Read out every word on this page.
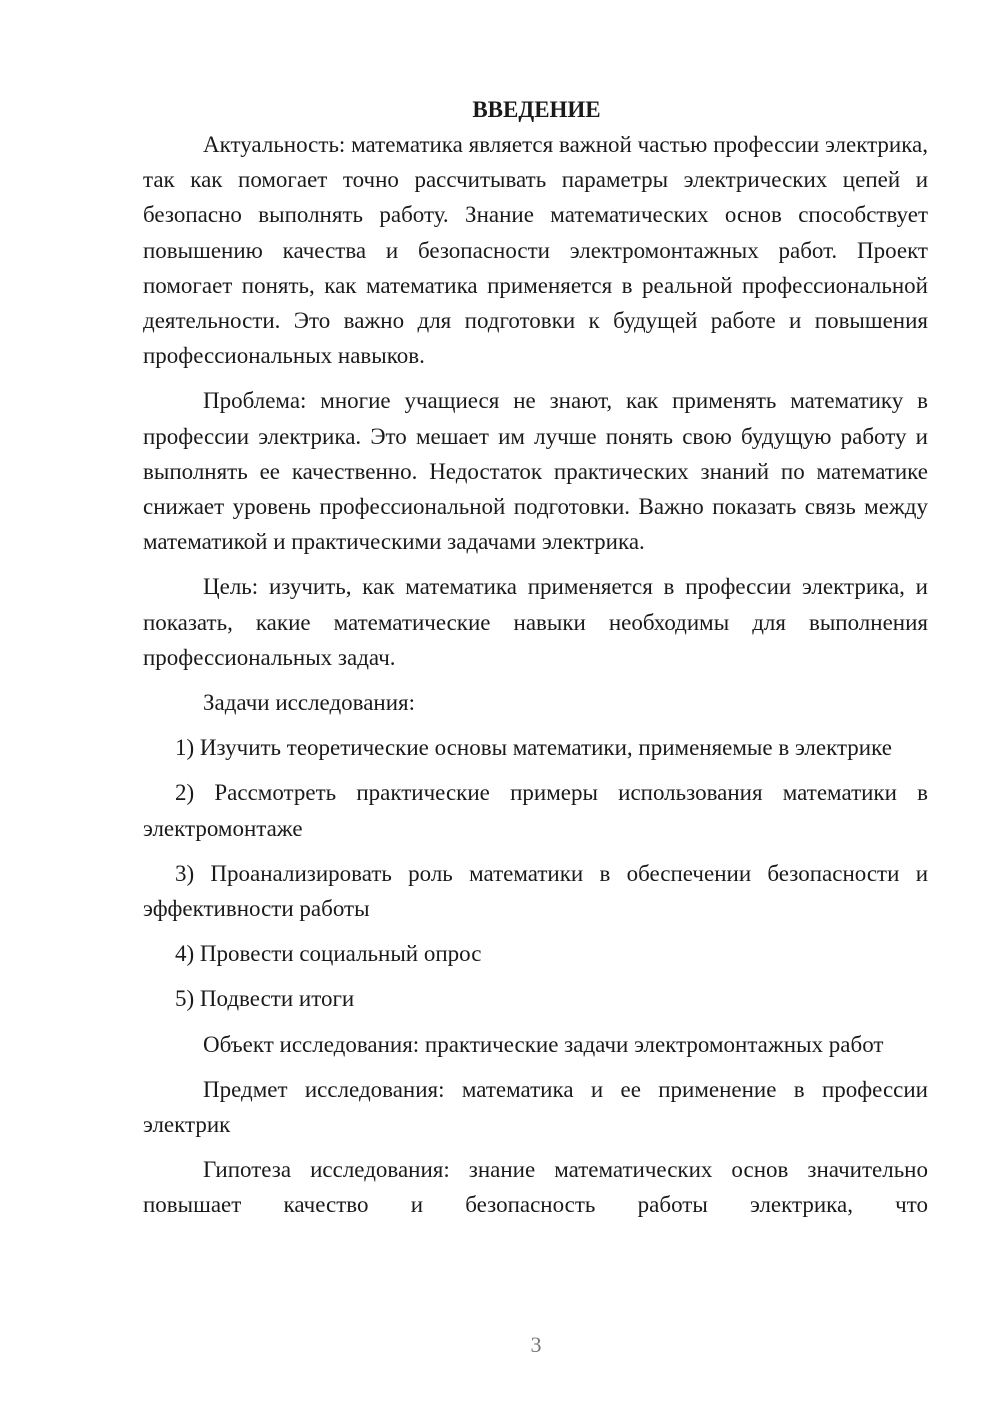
ВВЕДЕНИЕ

Актуальность: математика является важной частью профессии электрика, так как помогает точно рассчитывать параметры электрических цепей и безопасно выполнять работу. Знание математических основ способствует повышению качества и безопасности электромонтажных работ. Проект помогает понять, как математика применяется в реальной профессиональной деятельности. Это важно для подготовки к будущей работе и повышения профессиональных навыков.

Проблема: многие учащиеся не знают, как применять математику в профессии электрика. Это мешает им лучше понять свою будущую работу и выполнять ее качественно. Недостаток практических знаний по математике снижает уровень профессиональной подготовки. Важно показать связь между математикой и практическими задачами электрика.

Цель: изучить, как математика применяется в профессии электрика, и показать, какие математические навыки необходимы для выполнения профессиональных задач.

Задачи исследования:

1) Изучить теоретические основы математики, применяемые в электрике

2) Рассмотреть практические примеры использования математики в электромонтаже

3) Проанализировать роль математики в обеспечении безопасности и эффективности работы

4) Провести социальный опрос

5) Подвести итоги

Объект исследования: практические задачи электромонтажных работ

Предмет исследования: математика и ее применение в профессии электрик

Гипотеза исследования: знание математических основ значительно повышает качество и безопасность работы электрика, что

3
